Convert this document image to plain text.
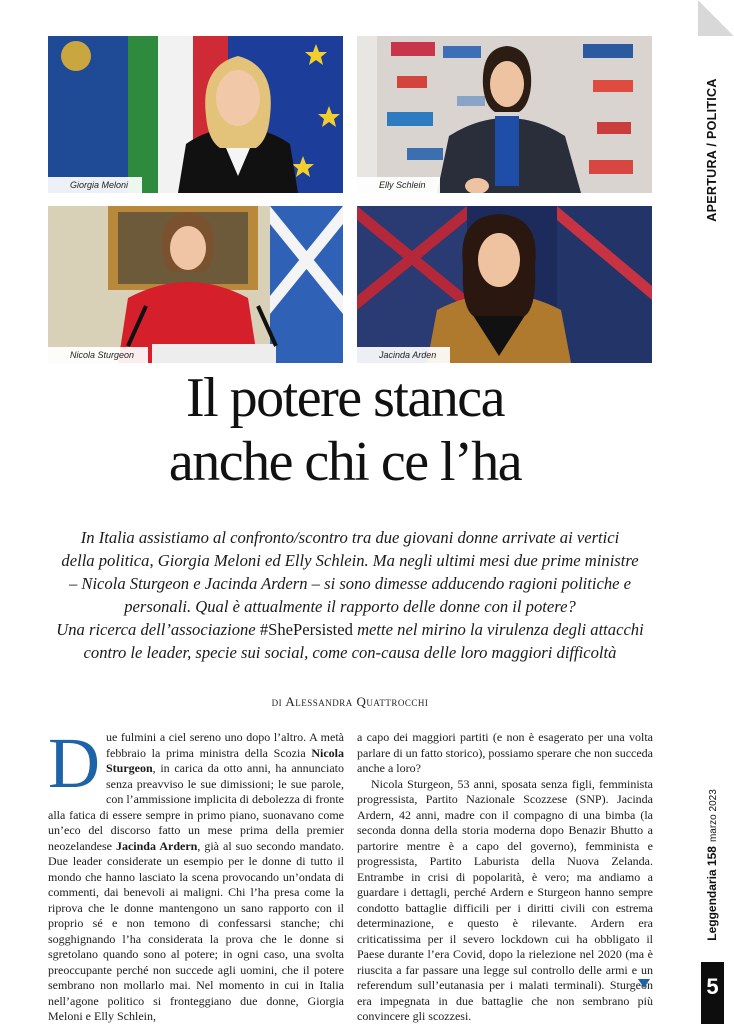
Giorgia Meloni	Elly Schlein
Nicola Sturgeon	Jacinda Arden
APERTURA / POLITICA
Leggendaria 158marzo 2023
5
Il potere stanca
anche chi ce l’ha
In Italia assistiamo al confronto/scontro tra due giovani donne arrivate ai vertici
della politica, Giorgia Meloni ed Elly Schlein. Ma negli ultimi mesi due prime ministre
– Nicola Sturgeon e Jacinda Ardern – si sono dimesse adducendo ragioni politiche e
personali. Qual è attualmente il rapporto delle donne con il potere?
Una ricerca dell’associazione #ShePersisted mette nel mirino la virulenza degli attacchi
contro le leader, specie sui social, come con-causa delle loro maggiori difficoltà
di Alessandra Quattrocchi

Due fulmini a ciel sereno uno dopo l’altro. A metà febbraio la prima ministra della Scozia Nicola Sturgeon, in carica da otto anni, ha annunciato senza preavviso le sue dimissioni; le sue parole, con l’ammissione implicita di debolezza di fronte alla fatica di essere sempre in primo piano, suonavano come un’eco del discorso fatto un mese prima della premier neozelandese Jacinda Ardern, già al suo secondo mandato. Due leader considerate un esempio per le donne di tutto il mondo che hanno lasciato la scena provocando un’ondata di commenti, dai benevoli ai maligni. Chi l’ha presa come la riprova che le donne mantengono un sano rapporto con il proprio sé e non temono di confessarsi stanche; chi sogghignando l’ha considerata la prova che le donne si sgretolano quando sono al potere; in ogni caso, una svolta preoccupante perché non succede agli uomini, che il potere sembrano non mollarlo mai. Nel momento in cui in Italia nell’agone politico si fronteggiano due donne, Giorgia Meloni e Elly Schlein,

a capo dei maggiori partiti (e non è esagerato per una volta parlare di un fatto storico), possiamo sperare che non succeda anche a loro?

Nicola Sturgeon, 53 anni, sposata senza figli, femminista progressista, Partito Nazionale Scozzese (SNP). Jacinda Ardern, 42 anni, madre con il compagno di una bimba (la seconda donna della storia moderna dopo Benazir Bhutto a partorire mentre è a capo del governo), femminista e progressista, Partito Laburista della Nuova Zelanda. Entrambe in crisi di popolarità, è vero; ma andiamo a guardare i dettagli, perché Ardern e Sturgeon hanno sempre condotto battaglie difficili per i diritti civili con estrema determinazione, e questo è rilevante. Ardern era criticatissima per il severo lockdown cui ha obbligato il Paese durante l’era Covid, dopo la rielezione nel 2020 (ma è riuscita a far passare una legge sul controllo delle armi e un referendum sull’eutanasia per i malati terminali). Sturgeon era impegnata in due battaglie che non sembrano più convincere gli scozzesi.
